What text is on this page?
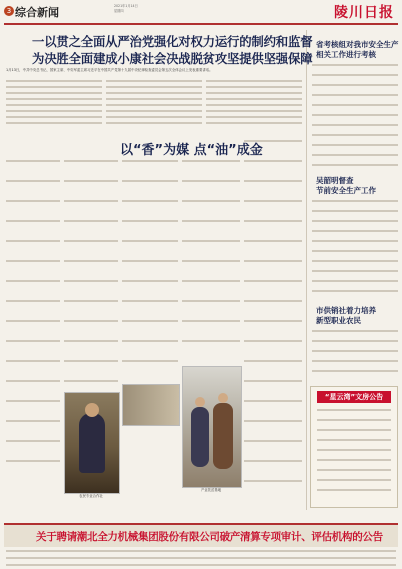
3 综合新闻	2021年1月14日
星期四	陵川日报
一以贯之全面从严治党强化对权力运行的制约和监督
为决胜全面建成小康社会决战脱贫攻坚提供坚强保障
1月13日，中共中央总书记、国家主席、中央军委主席习近平在中国共产党第十九届中央纪律检查委员会第五次全体会议上发表重要讲话。
以“香”为媒 点“油”成金
农民专业合作社
产业扶贫基地
省考核组对我市安全生产
相关工作进行考核
吴韶明督查
节前安全生产工作
市供销社着力培养
新型职业农民
“星云湾”文房公告
关于聘请潮北全力机械集团股份有限公司破产清算专项审计、评估机构的公告
